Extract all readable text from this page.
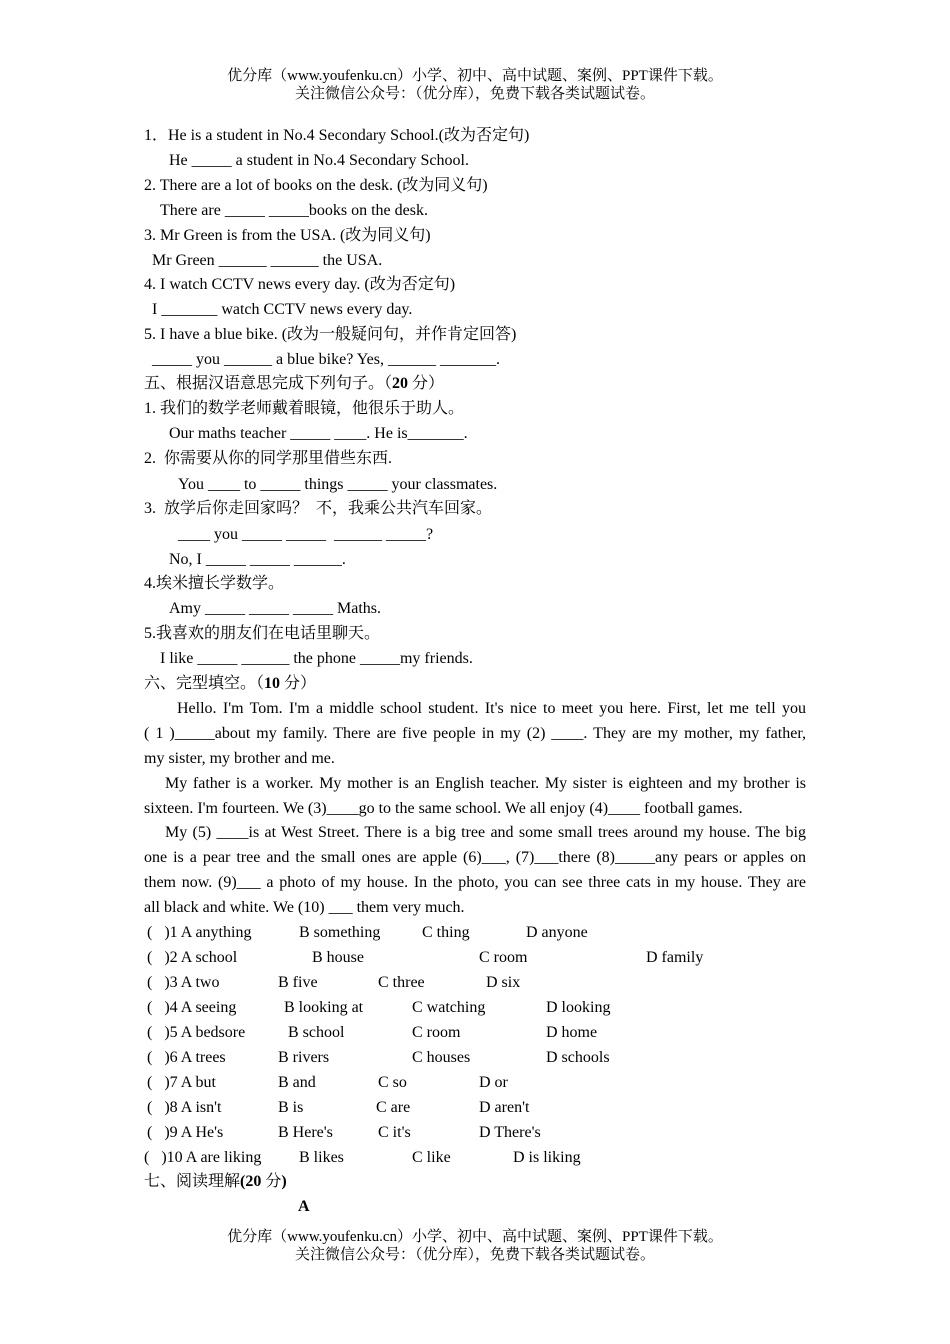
优分库（www.youfenku.cn）小学、初中、高中试题、案例、PPT课件下载。
关注微信公众号：（优分库），免费下载各类试题试卷。
1．He is a student in No.4 Secondary School.(改为否定句)
He _____ a student in No.4 Secondary School.
2. There are a lot of books on the desk. (改为同义句)
There are _____ _____books on the desk.
3. Mr Green is from the USA. (改为同义句)
Mr Green ______ ______ the USA.
4. I watch CCTV news every day. (改为否定句)
I _______ watch CCTV news every day.
5. I have a blue bike. (改为一般疑问句，并作肯定回答)
_____ you ______ a blue bike? Yes, ______ _______.
五、根据汉语意思完成下列句子。（20 分）
1. 我们的数学老师戴着眼镜，他很乐于助人。
Our maths teacher _____ ____. He is_______.
2.  你需要从你的同学那里借些东西.
You ____ to _____ things _____ your classmates.
3.  放学后你走回家吗？  不，我乘公共汽车回家。
____ you _____ _____  ______ _____?
No, I _____ _____ ______.
4.埃米擅长学数学。
Amy _____ _____ _____ Maths.
5.我喜欢的朋友们在电话里聊天。
I like _____ ______ the phone _____my friends.
六、完型填空。（10 分）
Hello. I'm Tom. I'm a middle school student. It's nice to meet you here. First, let me tell you
( 1 )_____about my family. There are five people in my (2) ____. They are my mother, my father,
my sister, my brother and me.
My father is a worker. My mother is an English teacher. My sister is eighteen and my brother is
sixteen. I'm fourteen. We (3)____go to the same school. We all enjoy (4)____ football games.
My (5) ____is at West Street. There is a big tree and some small trees around my house. The big
one is a pear tree and the small ones are apple (6)___, (7)___there (8)_____any pears or apples on
them now. (9)___ a photo of my house. In the photo, you can see three cats in my house. They are
all black and white. We (10) ___ them very much.
(   )1 A anything	B something	C thing	D anyone
(   )2 A school	B house	C room	D family
(   )3 A two	B five	C three	D six
(   )4 A seeing	B looking at	C watching	D looking
(   )5 A bedsore	B school	C room	D home
(   )6 A trees	B rivers	C houses	D schools
(   )7 A but	B and	C so	D or
(   )8 A isn't	B is	C are	D aren't
(   )9 A He's	B Here's	C it's	D There's
(   )10 A are liking B likes	C like	D is liking
七、阅读理解(20 分)
A
优分库（www.youfenku.cn）小学、初中、高中试题、案例、PPT课件下载。
关注微信公众号：（优分库），免费下载各类试题试卷。
